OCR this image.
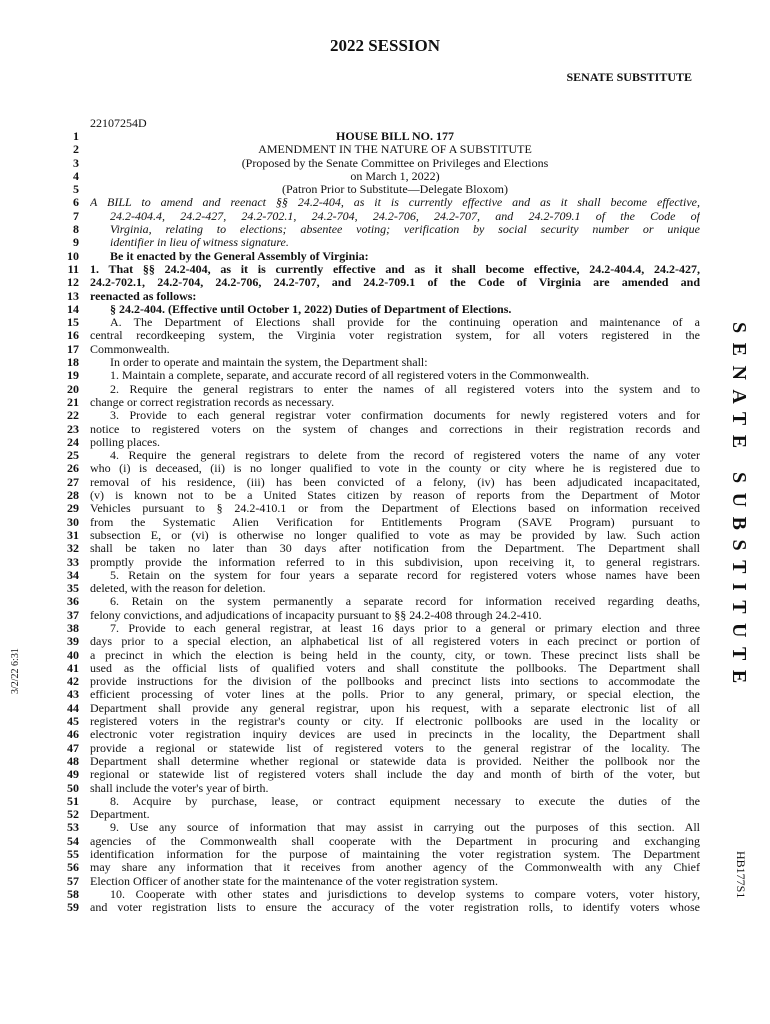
2022 SESSION
SENATE SUBSTITUTE
22107254D
1	HOUSE BILL NO. 177
2	AMENDMENT IN THE NATURE OF A SUBSTITUTE
3	(Proposed by the Senate Committee on Privileges and Elections
4	on March 1, 2022)
5	(Patron Prior to Substitute—Delegate Bloxom)
6 A BILL to amend and reenact §§ 24.2-404, as it is currently effective and as it shall become effective,
7	24.2-404.4, 24.2-427, 24.2-702.1, 24.2-704, 24.2-706, 24.2-707, and 24.2-709.1 of the Code of
8	Virginia, relating to elections; absentee voting; verification by social security number or unique
9	identifier in lieu of witness signature.
10	Be it enacted by the General Assembly of Virginia:
11 1. That §§ 24.2-404, as it is currently effective and as it shall become effective, 24.2-404.4, 24.2-427,
12 24.2-702.1, 24.2-704, 24.2-706, 24.2-707, and 24.2-709.1 of the Code of Virginia are amended and
13 reenacted as follows:
14	§ 24.2-404. (Effective until October 1, 2022) Duties of Department of Elections.
15	A. The Department of Elections shall provide for the continuing operation and maintenance of a
16 central recordkeeping system, the Virginia voter registration system, for all voters registered in the
17 Commonwealth.
18	In order to operate and maintain the system, the Department shall:
19	1. Maintain a complete, separate, and accurate record of all registered voters in the Commonwealth.
20	2. Require the general registrars to enter the names of all registered voters into the system and to
21 change or correct registration records as necessary.
22	3. Provide to each general registrar voter confirmation documents for newly registered voters and for
23 notice to registered voters on the system of changes and corrections in their registration records and
24 polling places.
25	4. Require the general registrars to delete from the record of registered voters the name of any voter
26 who (i) is deceased, (ii) is no longer qualified to vote in the county or city where he is registered due to
27 removal of his residence, (iii) has been convicted of a felony, (iv) has been adjudicated incapacitated,
28 (v) is known not to be a United States citizen by reason of reports from the Department of Motor
29 Vehicles pursuant to § 24.2-410.1 or from the Department of Elections based on information received
30 from the Systematic Alien Verification for Entitlements Program (SAVE Program) pursuant to
31 subsection E, or (vi) is otherwise no longer qualified to vote as may be provided by law. Such action
32 shall be taken no later than 30 days after notification from the Department. The Department shall
33 promptly provide the information referred to in this subdivision, upon receiving it, to general registrars.
34	5. Retain on the system for four years a separate record for registered voters whose names have been
35 deleted, with the reason for deletion.
36	6. Retain on the system permanently a separate record for information received regarding deaths,
37 felony convictions, and adjudications of incapacity pursuant to §§ 24.2-408 through 24.2-410.
38	7. Provide to each general registrar, at least 16 days prior to a general or primary election and three
39 days prior to a special election, an alphabetical list of all registered voters in each precinct or portion of
40 a precinct in which the election is being held in the county, city, or town. These precinct lists shall be
41 used as the official lists of qualified voters and shall constitute the pollbooks. The Department shall
42 provide instructions for the division of the pollbooks and precinct lists into sections to accommodate the
43 efficient processing of voter lines at the polls. Prior to any general, primary, or special election, the
44 Department shall provide any general registrar, upon his request, with a separate electronic list of all
45 registered voters in the registrar's county or city. If electronic pollbooks are used in the locality or
46 electronic voter registration inquiry devices are used in precincts in the locality, the Department shall
47 provide a regional or statewide list of registered voters to the general registrar of the locality. The
48 Department shall determine whether regional or statewide data is provided. Neither the pollbook nor the
49 regional or statewide list of registered voters shall include the day and month of birth of the voter, but
50 shall include the voter's year of birth.
51	8. Acquire by purchase, lease, or contract equipment necessary to execute the duties of the
52 Department.
53	9. Use any source of information that may assist in carrying out the purposes of this section. All
54 agencies of the Commonwealth shall cooperate with the Department in procuring and exchanging
55 identification information for the purpose of maintaining the voter registration system. The Department
56 may share any information that it receives from another agency of the Commonwealth with any Chief
57 Election Officer of another state for the maintenance of the voter registration system.
58	10. Cooperate with other states and jurisdictions to develop systems to compare voters, voter history,
59 and voter registration lists to ensure the accuracy of the voter registration rolls, to identify voters whose
SENATE SUBSTITUTE
HB177S1
3/2/22 6:31
